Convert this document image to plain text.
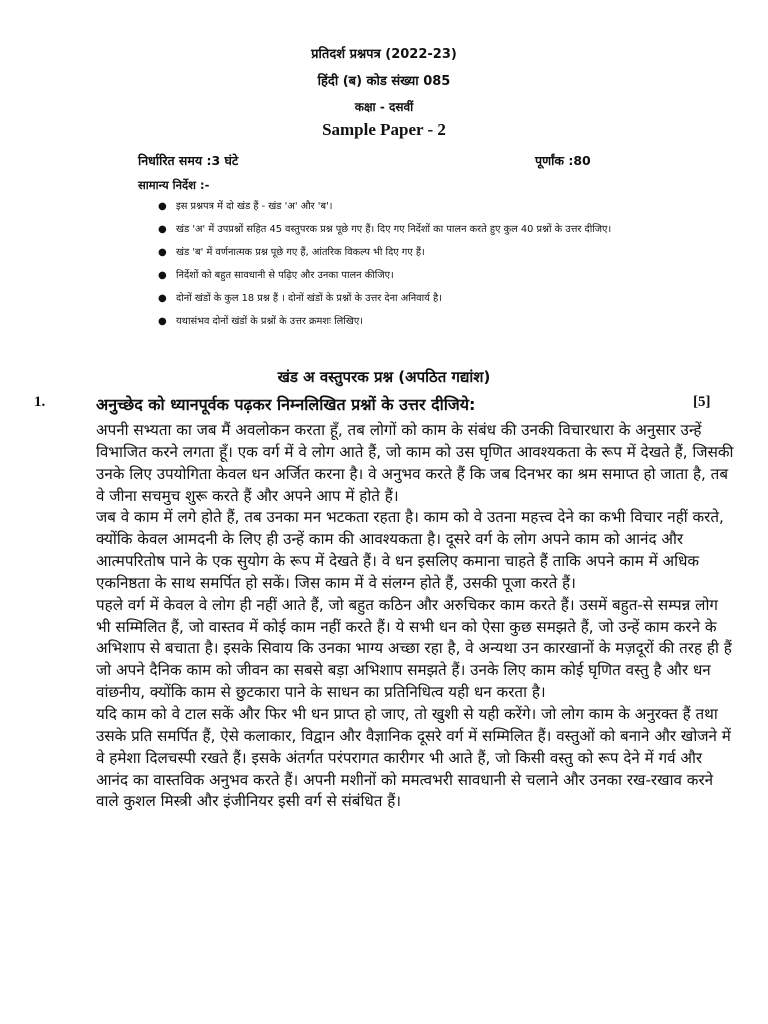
प्रतिदर्श प्रश्नपत्र (2022-23)
हिंदी (ब) कोड संख्या 085
कक्षा - दसवीं
Sample Paper - 2
निर्धारित समय :3 घंटे	पूर्णांक :80
सामान्य निर्देश :-
● इस प्रश्नपत्र में दो खंड हैं - खंड 'अ' और 'ब'।
● खंड 'अ' में उपप्रश्नों सहित 45 वस्तुपरक प्रश्न पूछे गए हैं। दिए गए निर्देशों का पालन करते हुए कुल 40 प्रश्नों के उत्तर दीजिए।
● खंड 'ब' में वर्णनात्मक प्रश्न पूछे गए हैं, आंतरिक विकल्प भी दिए गए हैं।
● निर्देशों को बहुत सावधानी से पढ़िए और उनका पालन कीजिए।
● दोनों खंडों के कुल 18 प्रश्न हैं । दोनों खंडों के प्रश्नों के उत्तर देना अनिवार्य है।
● यथासंभव दोनों खंडों के प्रश्नों के उत्तर क्रमशः लिखिए।
खंड अ वस्तुपरक प्रश्न (अपठित गद्यांश)
1.	अनुच्छेद को ध्यानपूर्वक पढ़कर निम्नलिखित प्रश्नों के उत्तर दीजिये:	[5]

अपनी सभ्यता का जब मैं अवलोकन करता हूँ, तब लोगों को काम के संबंध की उनकी विचारधारा के अनुसार उन्हें विभाजित करने लगता हूँ। एक वर्ग में वे लोग आते हैं, जो काम को उस घृणित आवश्यकता के रूप में देखते हैं, जिसकी उनके लिए उपयोगिता केवल धन अर्जित करना है। वे अनुभव करते हैं कि जब दिनभर का श्रम समाप्त हो जाता है, तब वे जीना सचमुच शुरू करते हैं और अपने आप में होते हैं।

जब वे काम में लगे होते हैं, तब उनका मन भटकता रहता है। काम को वे उतना महत्त्व देने का कभी विचार नहीं करते, क्योंकि केवल आमदनी के लिए ही उन्हें काम की आवश्यकता है। दूसरे वर्ग के लोग अपने काम को आनंद और आत्मपरितोष पाने के एक सुयोग के रूप में देखते हैं। वे धन इसलिए कमाना चाहते हैं ताकि अपने काम में अधिक एकनिष्ठता के साथ समर्पित हो सकें। जिस काम में वे संलग्न होते हैं, उसकी पूजा करते हैं।

पहले वर्ग में केवल वे लोग ही नहीं आते हैं, जो बहुत कठिन और अरुचिकर काम करते हैं। उसमें बहुत-से सम्पन्न लोग भी सम्मिलित हैं, जो वास्तव में कोई काम नहीं करते हैं। ये सभी धन को ऐसा कुछ समझते हैं, जो उन्हें काम करने के अभिशाप से बचाता है। इसके सिवाय कि उनका भाग्य अच्छा रहा है, वे अन्यथा उन कारखानों के मज़दूरों की तरह ही हैं जो अपने दैनिक काम को जीवन का सबसे बड़ा अभिशाप समझते हैं। उनके लिए काम कोई घृणित वस्तु है और धन वांछनीय, क्योंकि काम से छुटकारा पाने के साधन का प्रतिनिधित्व यही धन करता है।

यदि काम को वे टाल सकें और फिर भी धन प्राप्त हो जाए, तो खुशी से यही करेंगे। जो लोग काम के अनुरक्त हैं तथा उसके प्रति समर्पित हैं, ऐसे कलाकार, विद्वान और वैज्ञानिक दूसरे वर्ग में सम्मिलित हैं। वस्तुओं को बनाने और खोजने में वे हमेशा दिलचस्पी रखते हैं। इसके अंतर्गत परंपरागत कारीगर भी आते हैं, जो किसी वस्तु को रूप देने में गर्व और आनंद का वास्तविक अनुभव करते हैं। अपनी मशीनों को ममत्वभरी सावधानी से चलाने और उनका रख-रखाव करने वाले कुशल मिस्त्री और इंजीनियर इसी वर्ग से संबंधित हैं।
